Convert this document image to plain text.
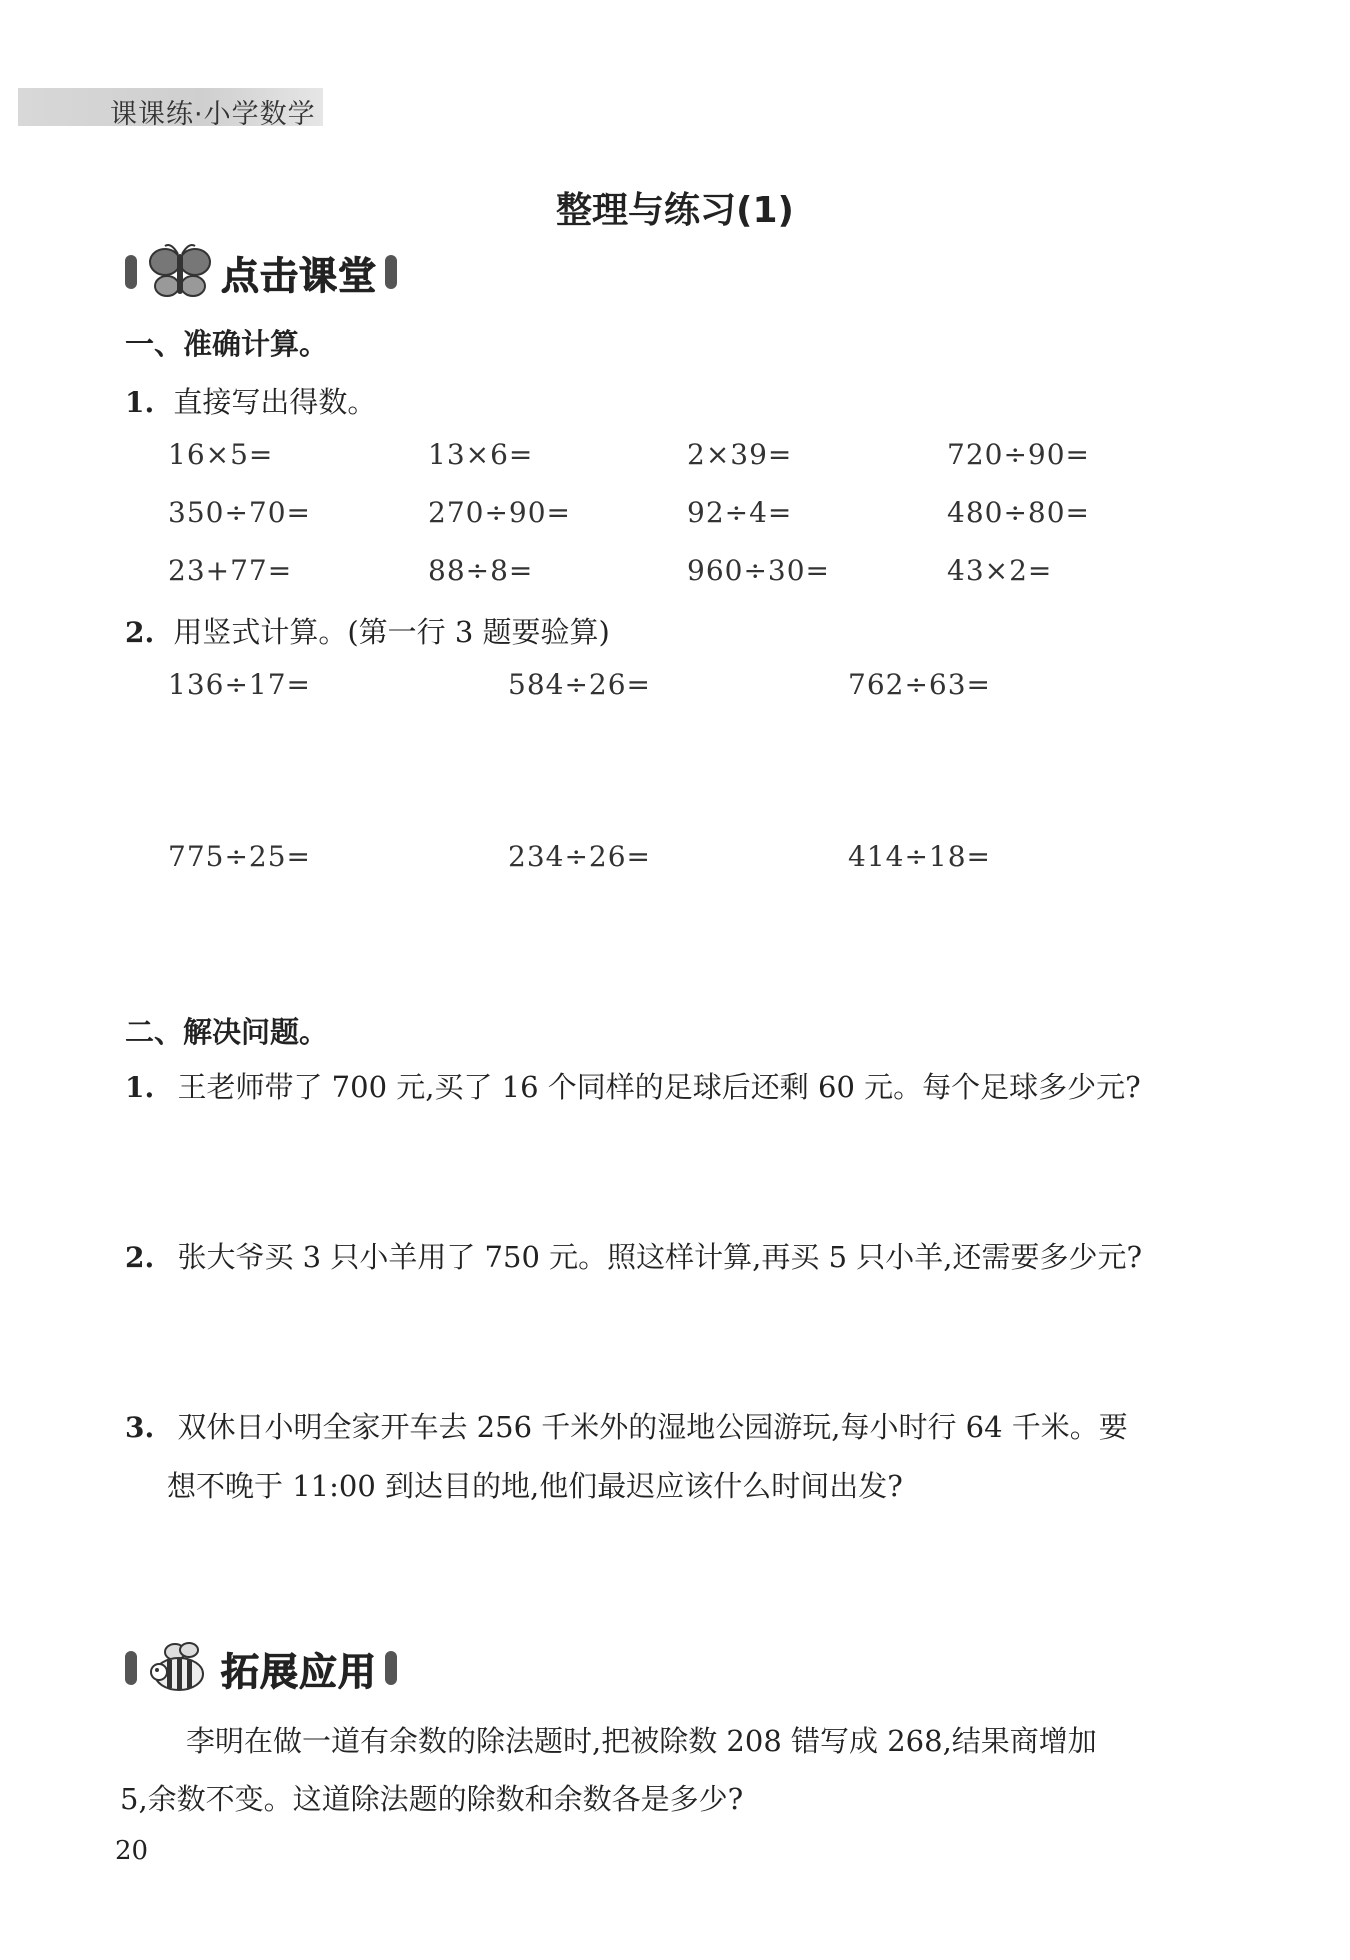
课课练·小学数学
整理与练习(1)
点击课堂
一、准确计算。
1. 直接写出得数。
16×5=	13×6=	2×39=	720÷90=
350÷70=	270÷90=	92÷4=	480÷80=
23+77=	88÷8=	960÷30=	43×2=
2. 用竖式计算。(第一行 3 题要验算)
136÷17=	584÷26=	762÷63=
775÷25=	234÷26=	414÷18=
二、解决问题。
1. 王老师带了 700 元,买了 16 个同样的足球后还剩 60 元。每个足球多少元?
2. 张大爷买 3 只小羊用了 750 元。照这样计算,再买 5 只小羊,还需要多少元?
3. 双休日小明全家开车去 256 千米外的湿地公园游玩,每小时行 64 千米。要
想不晚于 11:00 到达目的地,他们最迟应该什么时间出发?
拓展应用
李明在做一道有余数的除法题时,把被除数 208 错写成 268,结果商增加
5,余数不变。这道除法题的除数和余数各是多少?
20
